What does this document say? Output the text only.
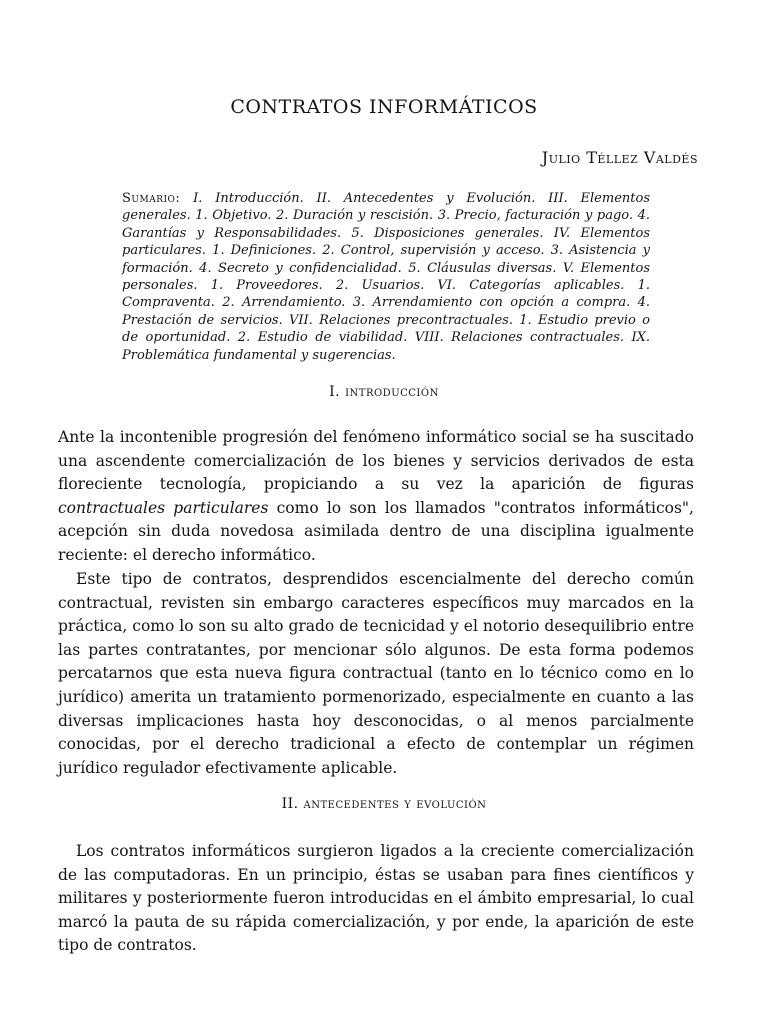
CONTRATOS INFORMÁTICOS
Julio Téllez Valdés
Sumario: I. Introducción. II. Antecedentes y Evolución. III. Elementos generales. 1. Objetivo. 2. Duración y rescisión. 3. Precio, facturación y pago. 4. Garantías y Responsabilidades. 5. Disposiciones generales. IV. Elementos particulares. 1. Definiciones. 2. Control, supervisión y acceso. 3. Asistencia y formación. 4. Secreto y confidencialidad. 5. Cláusulas diversas. V. Elementos personales. 1. Proveedores. 2. Usuarios. VI. Categorías aplicables. 1. Compraventa. 2. Arrendamiento. 3. Arrendamiento con opción a compra. 4. Prestación de servicios. VII. Relaciones precontractuales. 1. Estudio previo o de oportunidad. 2. Estudio de viabilidad. VIII. Relaciones contractuales. IX. Problemática fundamental y sugerencias.
I. introducción
Ante la incontenible progresión del fenómeno informático social se ha suscitado una ascendente comercialización de los bienes y servicios derivados de esta floreciente tecnología, propiciando a su vez la aparición de figuras contractuales particulares como lo son los llamados "contratos informáticos", acepción sin duda novedosa asimilada dentro de una disciplina igualmente reciente: el derecho informático.
Este tipo de contratos, desprendidos escencialmente del derecho común contractual, revisten sin embargo caracteres específicos muy marcados en la práctica, como lo son su alto grado de tecnicidad y el notorio desequilibrio entre las partes contratantes, por mencionar sólo algunos. De esta forma podemos percatarnos que esta nueva figura contractual (tanto en lo técnico como en lo jurídico) amerita un tratamiento pormenorizado, especialmente en cuanto a las diversas implicaciones hasta hoy desconocidas, o al menos parcialmente conocidas, por el derecho tradicional a efecto de contemplar un régimen jurídico regulador efectivamente aplicable.
II. antecedentes y evolución
Los contratos informáticos surgieron ligados a la creciente comercialización de las computadoras. En un principio, éstas se usaban para fines científicos y militares y posteriormente fueron introducidas en el ámbito empresarial, lo cual marcó la pauta de su rápida comercialización, y por ende, la aparición de este tipo de contratos.
